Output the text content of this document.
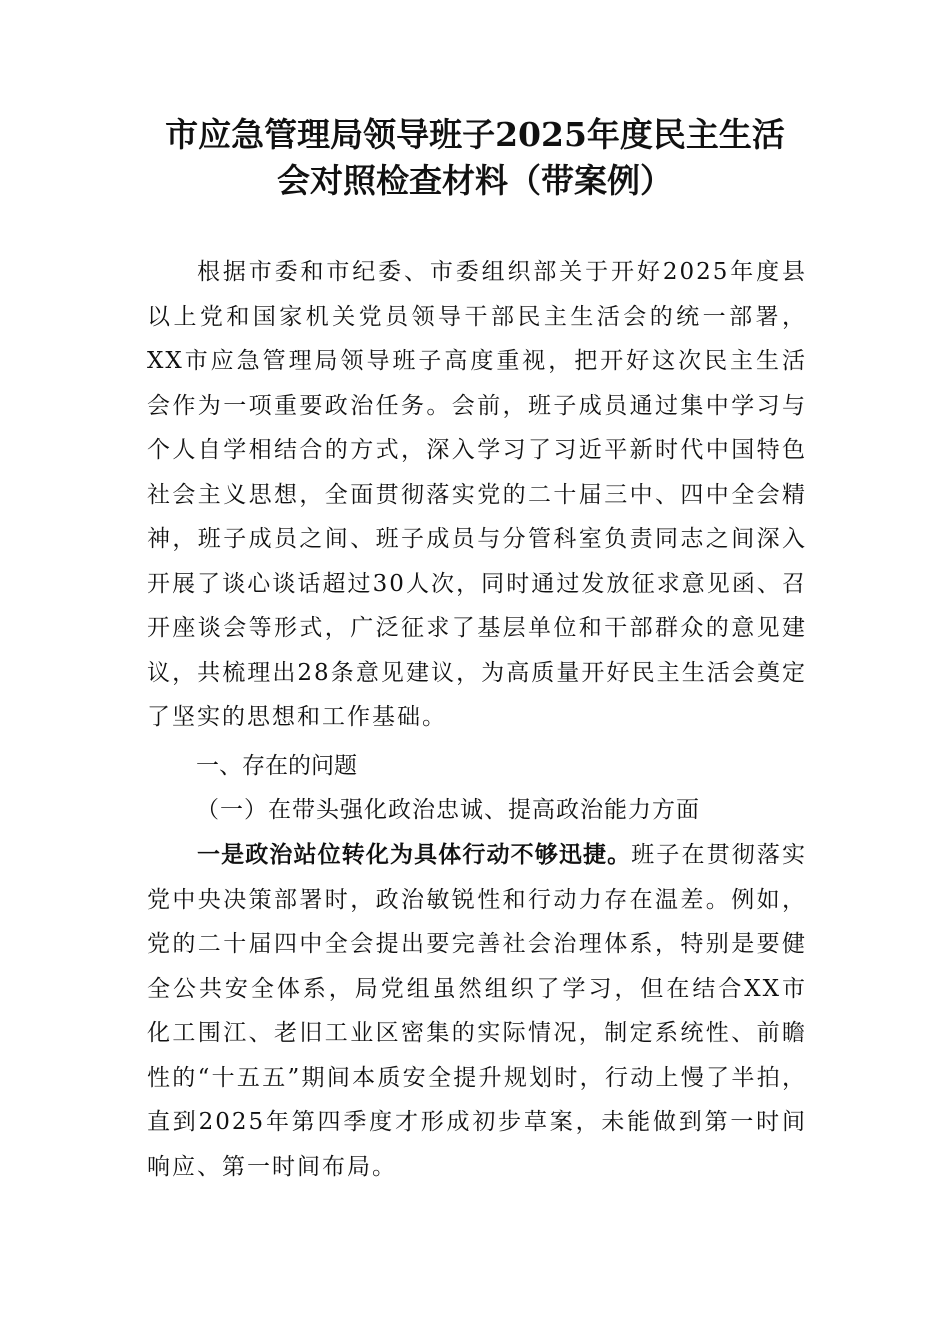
市应急管理局领导班子2025年度民主生活
会对照检查材料（带案例）

根据市委和市纪委、市委组织部关于开好2025年度县以上党和国家机关党员领导干部民主生活会的统一部署，XX市应急管理局领导班子高度重视，把开好这次民主生活会作为一项重要政治任务。会前，班子成员通过集中学习与个人自学相结合的方式，深入学习了习近平新时代中国特色社会主义思想，全面贯彻落实党的二十届三中、四中全会精神，班子成员之间、班子成员与分管科室负责同志之间深入开展了谈心谈话超过30人次，同时通过发放征求意见函、召开座谈会等形式，广泛征求了基层单位和干部群众的意见建议，共梳理出28条意见建议，为高质量开好民主生活会奠定了坚实的思想和工作基础。

一、存在的问题
（一）在带头强化政治忠诚、提高政治能力方面

一是政治站位转化为具体行动不够迅捷。班子在贯彻落实党中央决策部署时，政治敏锐性和行动力存在温差。例如，党的二十届四中全会提出要完善社会治理体系，特别是要健全公共安全体系，局党组虽然组织了学习，但在结合XX市化工围江、老旧工业区密集的实际情况，制定系统性、前瞻性的“十五五”期间本质安全提升规划时，行动上慢了半拍，直到2025年第四季度才形成初步草案，未能做到第一时间响应、第一时间布局。
